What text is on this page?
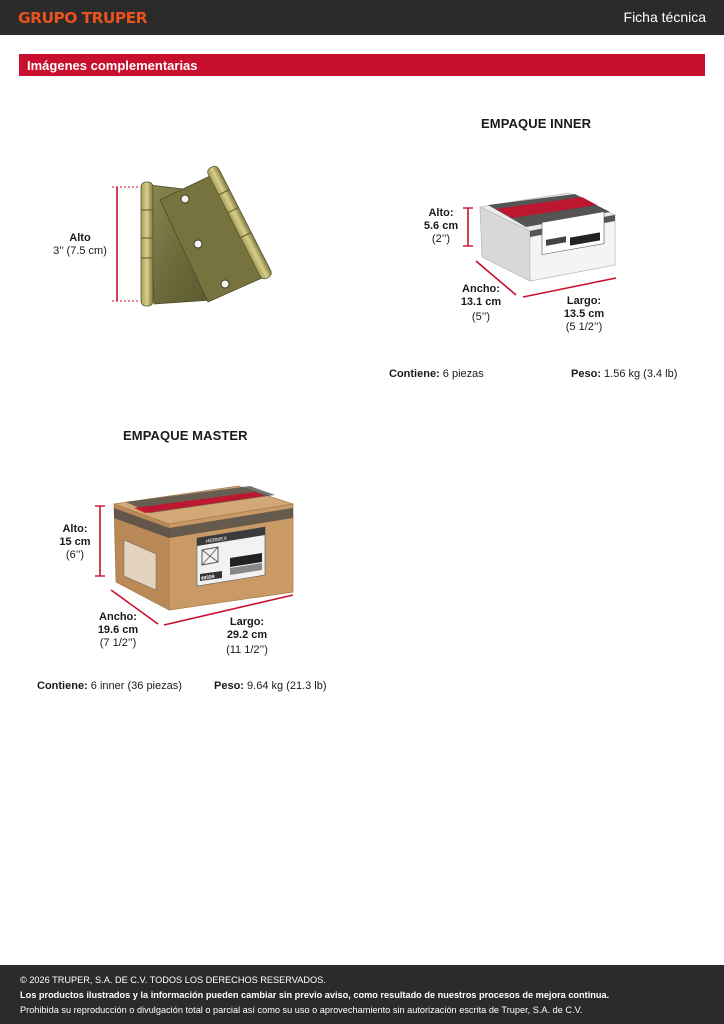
GRUPO TRUPER	Ficha técnica
Imágenes complementarias
Alto
3’’ (7.5 cm)
EMPAQUE INNER
Alto:
5.6 cm
(2’’)
Ancho:
13.1 cm
(5’’)
Largo:
13.5 cm
(5 1/2’’)
Contiene: 6 piezas	Peso: 1.56 kg (3.4 lb)
EMPAQUE MASTER
HERMEX
49599
Alto:
15 cm
(6’’)
Ancho:
19.6 cm
(7 1/2’’)
Largo:
29.2 cm
(11 1/2’’)
Contiene: 6 inner (36 piezas)	Peso: 9.64 kg (21.3 lb)
© 2026 TRUPER, S.A. DE C.V. TODOS LOS DERECHOS RESERVADOS.
Los productos ilustrados y la información pueden cambiar sin previo aviso, como resultado de nuestros procesos de mejora continua.
Prohibida su reproducción o divulgación total o parcial así como su uso o aprovechamiento sin autorización escrita de Truper, S.A. de C.V.
